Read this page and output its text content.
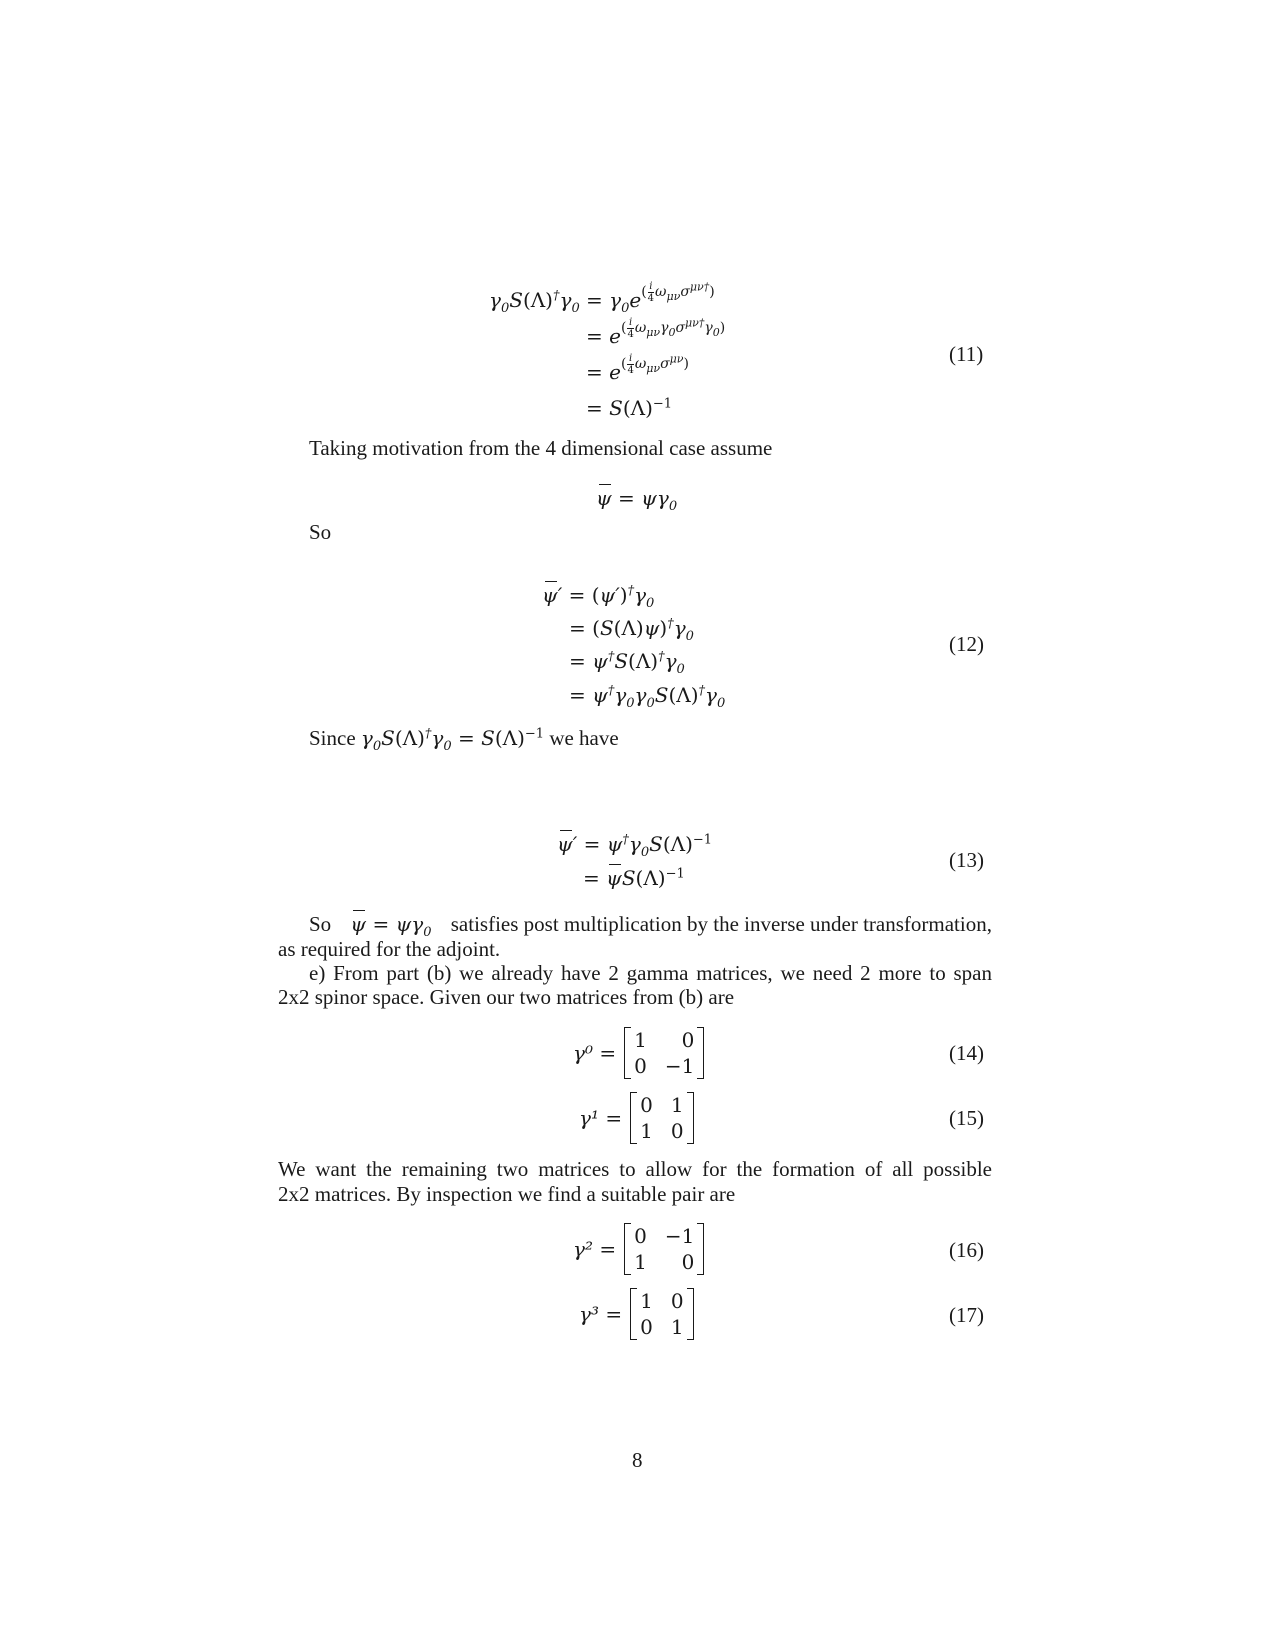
$\gamma_0S(\Lambda)^\dagger\gamma_0 = \gamma_0e^{( \frac{i}{4} \omega_{\mu\nu}\sigma^{\mu\nu\dagger})}$
= $e^{( \frac{i}{4} \omega_{\mu\nu}\gamma_0\sigma^{\mu\nu\dagger}\gamma_0)}$
= $e^{( \frac{i}{4} \omega_{\mu\nu}\sigma^{\mu\nu})}$
= $S(\Lambda)^{-1}$
(11)
Taking motivation from the 4 dimensional case assume
$\psi = \psi\gamma_0$
So
$\psi' = (\psi')^\dagger\gamma_0$
= $(S(\Lambda)\psi)^\dagger\gamma_0$
= $\psi^\dagger S(\Lambda)^\dagger\gamma_0$
= $\psi^\dagger\gamma_0\gamma_0S(\Lambda)^\dagger\gamma_0$
(12)
Since $\gamma_0S(\Lambda)^\dagger\gamma_0 = S(\Lambda)^{-1}$ we have
$\psi' = \psi^\dagger\gamma_0S(\Lambda)^{-1}$
= $\psi S(\Lambda)^{-1}$
(13)
So $\psi = \psi\gamma_0$ satisfies post multiplication by the inverse under transformation,
as required for the adjoint.
e) From part (b) we already have 2 gamma matrices, we need 2 more to span
2x2 spinor space. Given our two matrices from (b) are
γ⁰ =
1	0
0 −1
(14)
γ¹ =
0 1
1 0
(15)
We want the remaining two matrices to allow for the formation of all possible
2x2 matrices. By inspection we find a suitable pair are
γ² =
0 −1
1	0	(16)
γ³ =
1 0
0 1	(17)
8
